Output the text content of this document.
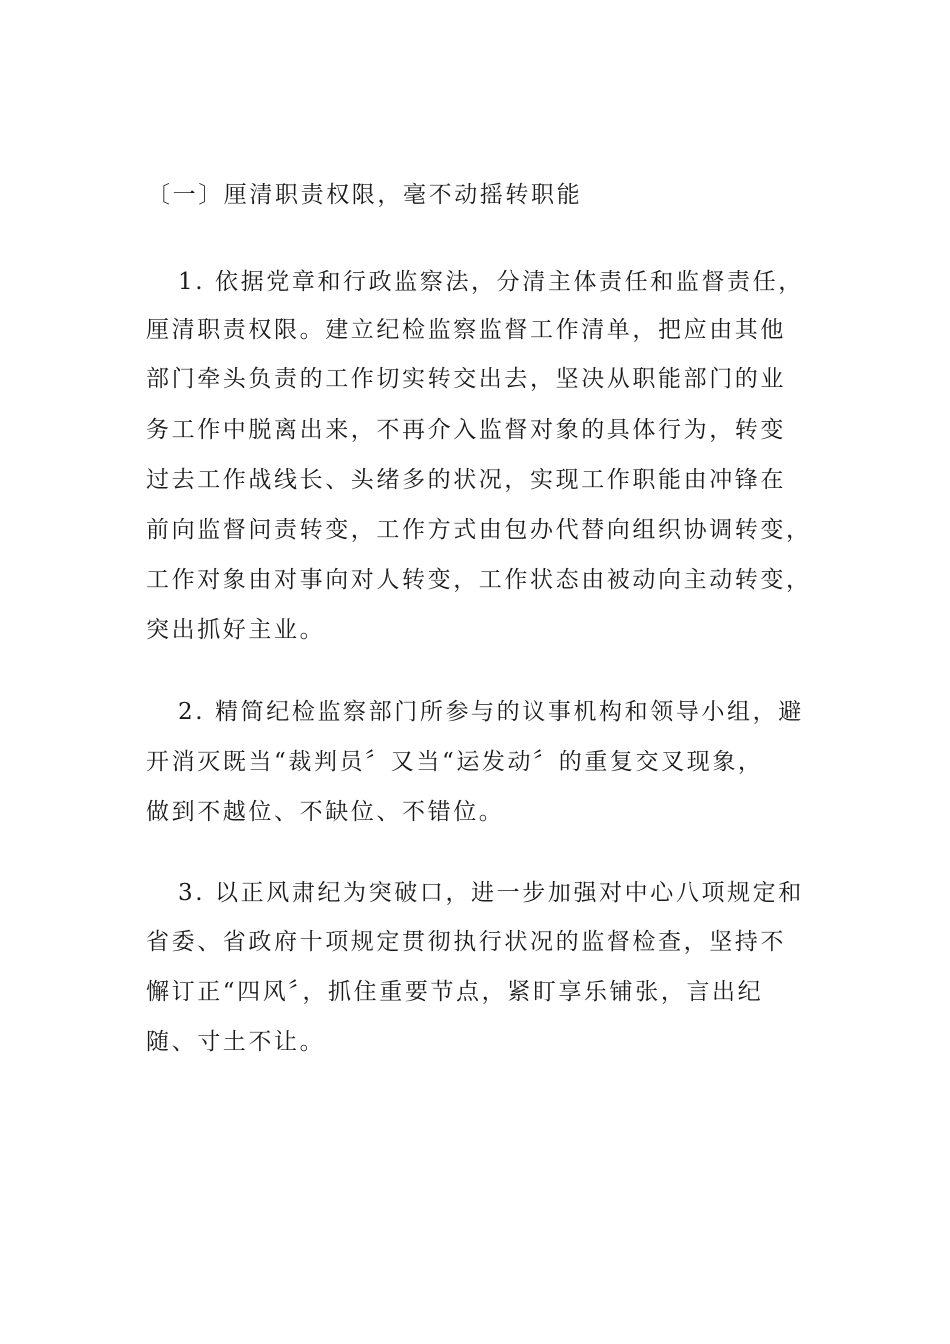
〔一〕厘清职责权限，毫不动摇转职能
1. 依据党章和行政监察法，分清主体责任和监督责任，
厘清职责权限。建立纪检监察监督工作清单，把应由其他
部门牵头负责的工作切实转交出去，坚决从职能部门的业
务工作中脱离出来，不再介入监督对象的具体行为，转变
过去工作战线长、头绪多的状况，实现工作职能由冲锋在
前向监督问责转变，工作方式由包办代替向组织协调转变，
工作对象由对事向对人转变，工作状态由被动向主动转变，
突出抓好主业。
2. 精简纪检监察部门所参与的议事机构和领导小组，避
开消灭既当“裁判员〞又当“运发动〞的重复交叉现象，
做到不越位、不缺位、不错位。
3. 以正风肃纪为突破口，进一步加强对中心八项规定和
省委、省政府十项规定贯彻执行状况的监督检查，坚持不
懈订正“四风〞，抓住重要节点，紧盯享乐铺张，言出纪
随、寸土不让。
